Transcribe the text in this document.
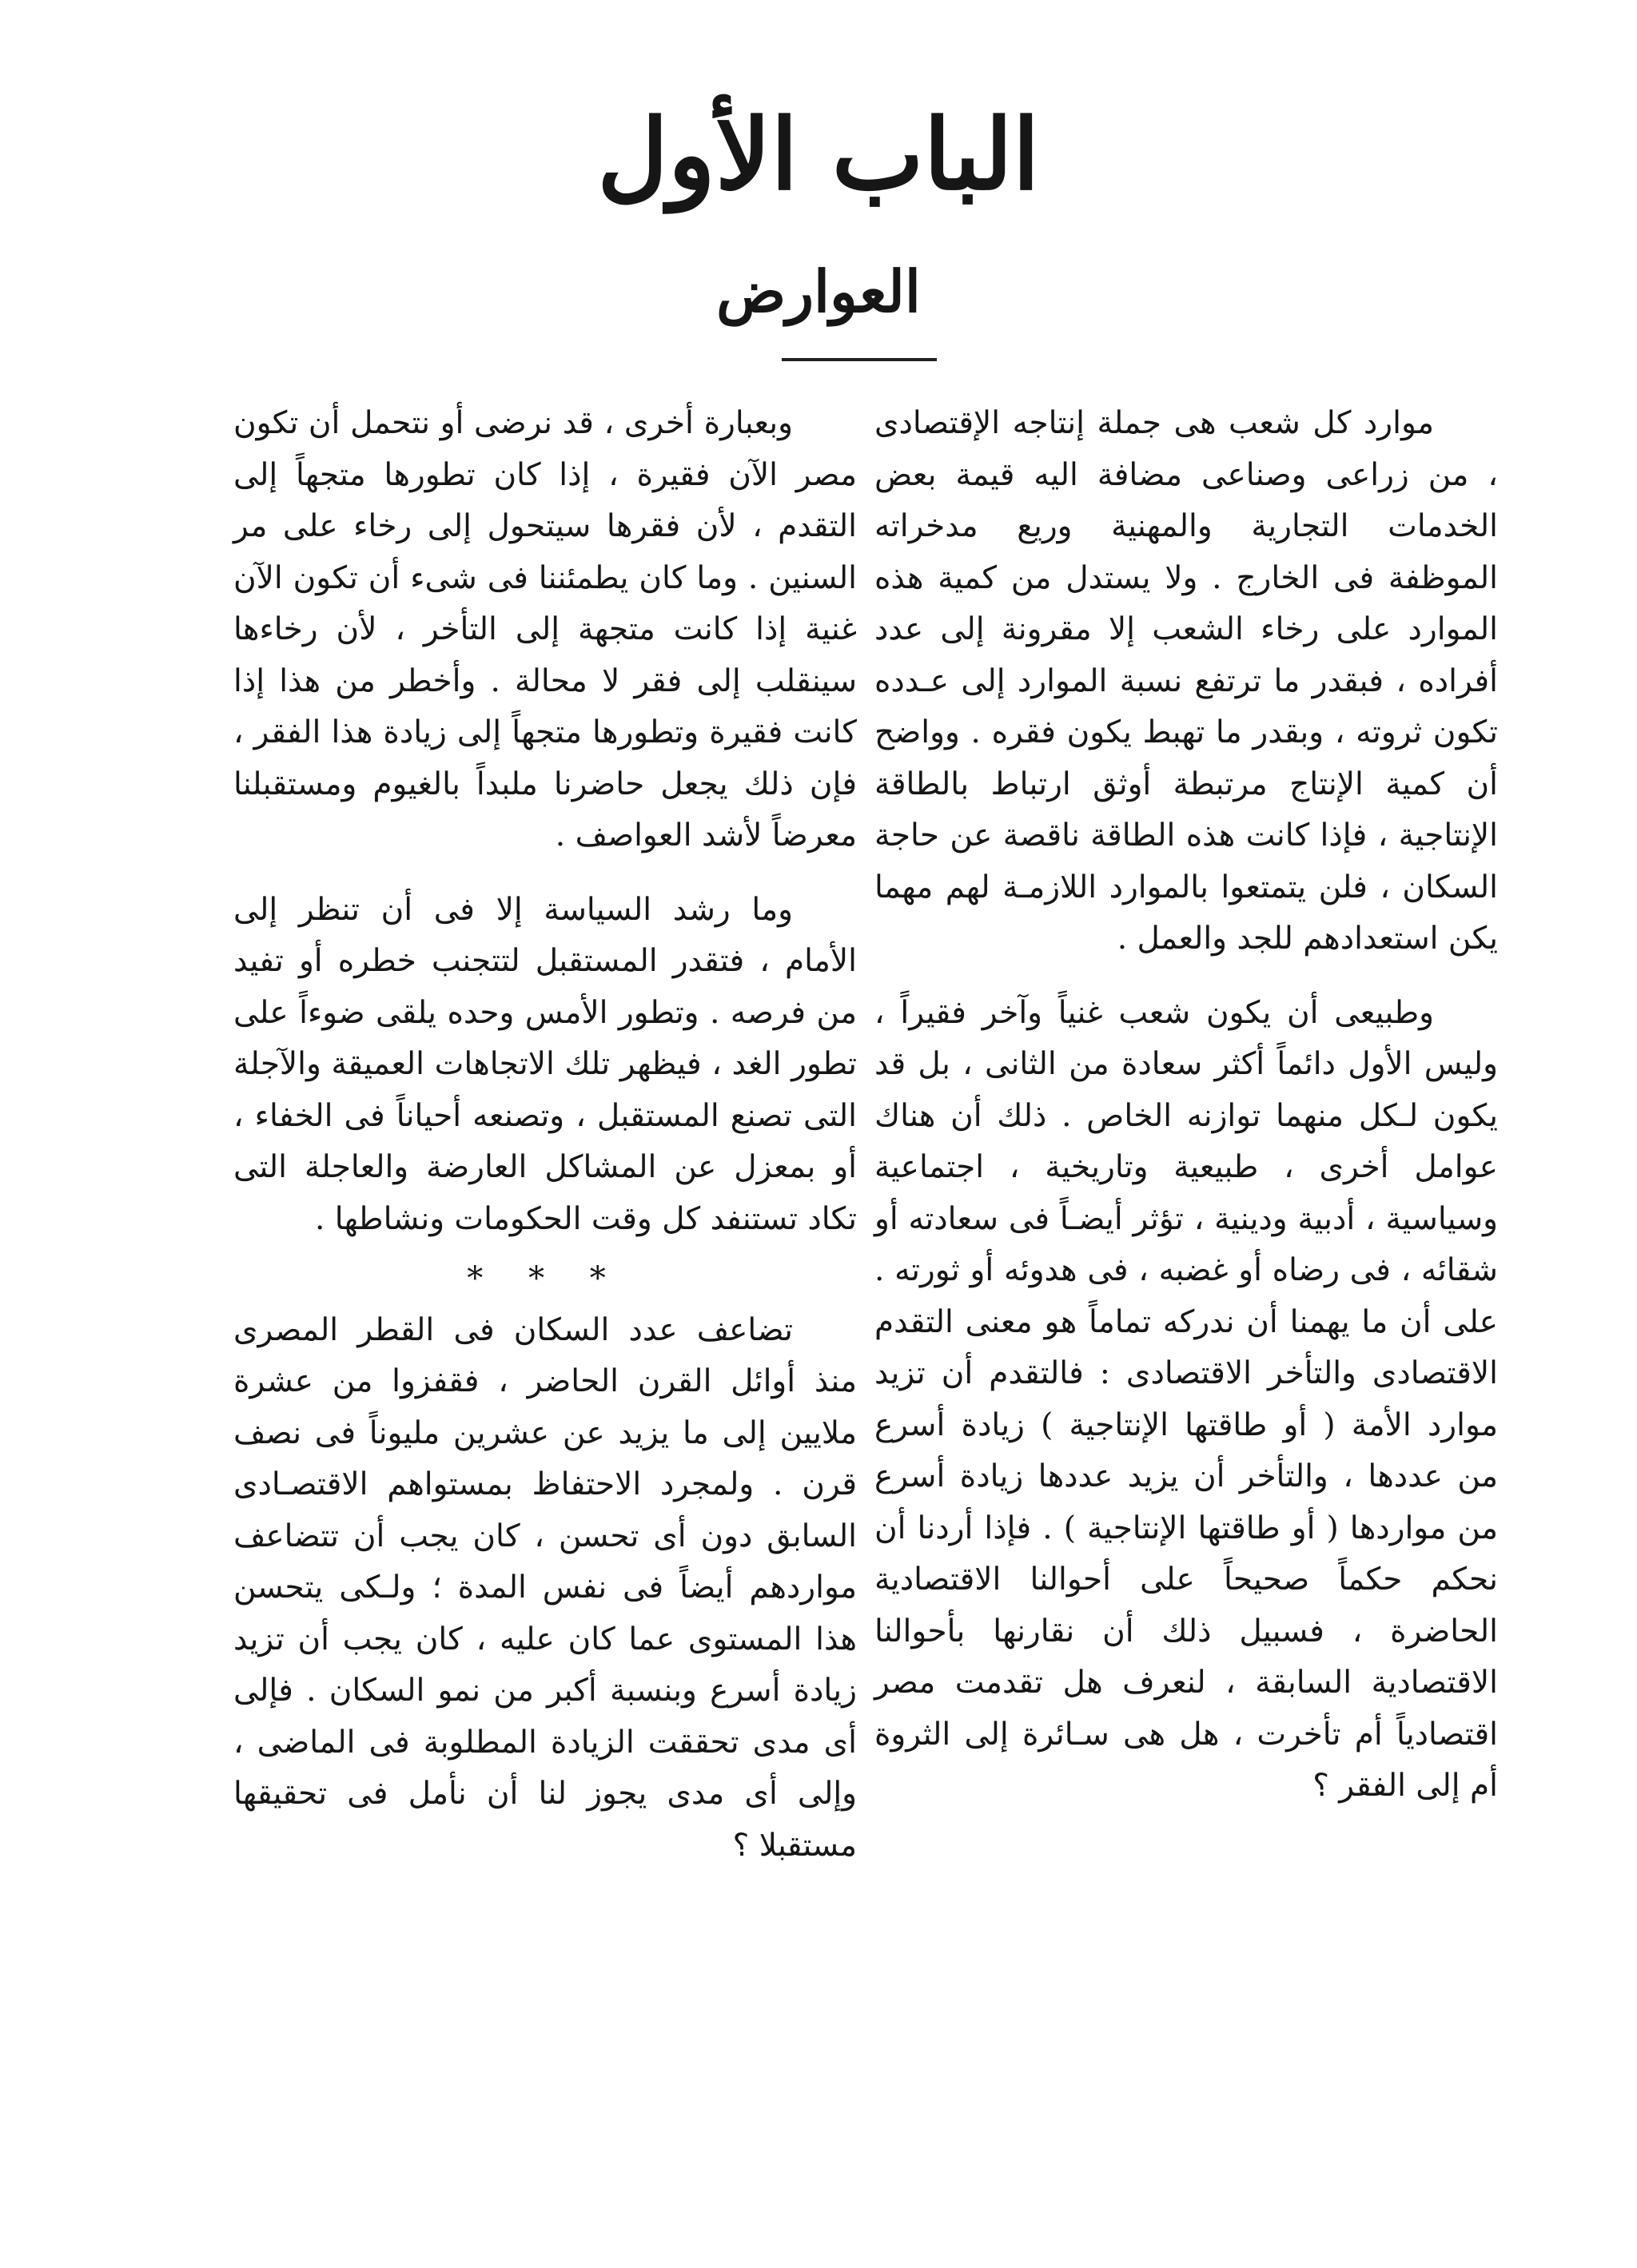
الباب الأول
العوارض

موارد كل شعب هى جملة إنتاجه الإقتصادى ، من زراعى وصناعى مضافة اليه قيمة بعض الخدمات التجارية والمهنية وريع مدخراته الموظفة فى الخارج . ولا يستدل من كمية هذه الموارد على رخاء الشعب إلا مقرونة إلى عدد أفراده ، فبقدر ما ترتفع نسبة الموارد إلى عـدده تكون ثروته ، وبقدر ما تهبط يكون فقره . وواضح أن كمية الإنتاج مرتبطة أوثق ارتباط بالطاقة الإنتاجية ، فإذا كانت هذه الطاقة ناقصة عن حاجة السكان ، فلن يتمتعوا بالموارد اللازمـة لهم مهما يكن استعدادهم للجد والعمل .

وطبيعى أن يكون شعب غنياً وآخر فقيراً ، وليس الأول دائماً أكثر سعادة من الثانى ، بل قد يكون لـكل منهما توازنه الخاص . ذلك أن هناك عوامل أخرى ، طبيعية وتاريخية ، اجتماعية وسياسية ، أدبية ودينية ، تؤثر أيضـاً فى سعادته أو شقائه ، فى رضاه أو غضبه ، فى هدوئه أو ثورته . على أن ما يهمنا أن ندركه تماماً هو معنى التقدم الاقتصادى والتأخر الاقتصادى : فالتقدم أن تزيد موارد الأمة ( أو طاقتها الإنتاجية ) زيادة أسرع من عددها ، والتأخر أن يزيد عددها زيادة أسرع من مواردها ( أو طاقتها الإنتاجية ) . فإذا أردنا أن نحكم حكماً صحيحاً على أحوالنا الاقتصادية الحاضرة ، فسبيل ذلك أن نقارنها بأحوالنا الاقتصادية السابقة ، لنعرف هل تقدمت مصر اقتصادياً أم تأخرت ، هل هى سـائرة إلى الثروة أم إلى الفقر ؟

وبعبارة أخرى ، قد نرضى أو نتحمل أن تكون مصر الآن فقيرة ، إذا كان تطورها متجهاً إلى التقدم ، لأن فقرها سيتحول إلى رخاء على مر السنين . وما كان يطمئننا فى شىء أن تكون الآن غنية إذا كانت متجهة إلى التأخر ، لأن رخاءها سينقلب إلى فقر لا محالة . وأخطر من هذا إذا كانت فقيرة وتطورها متجهاً إلى زيادة هذا الفقر ، فإن ذلك يجعل حاضرنا ملبداً بالغيوم ومستقبلنا معرضاً لأشد العواصف .

وما رشد السياسة إلا فى أن تنظر إلى الأمام ، فتقدر المستقبل لتتجنب خطره أو تفيد من فرصه . وتطور الأمس وحده يلقى ضوءاً على تطور الغد ، فيظهر تلك الاتجاهات العميقة والآجلة التى تصنع المستقبل ، وتصنعه أحياناً فى الخفاء ، أو بمعزل عن المشاكل العارضة والعاجلة التى تكاد تستنفد كل وقت الحكومات ونشاطها .

* * *

تضاعف عدد السكان فى القطر المصرى منذ أوائل القرن الحاضر ، فقفزوا من عشرة ملايين إلى ما يزيد عن عشرين مليوناً فى نصف قرن . ولمجرد الاحتفاظ بمستواهم الاقتصـادى السابق دون أى تحسن ، كان يجب أن تتضاعف مواردهم أيضاً فى نفس المدة ؛ ولـكى يتحسن هذا المستوى عما كان عليه ، كان يجب أن تزيد زيادة أسرع وبنسبة أكبر من نمو السكان . فإلى أى مدى تحققت الزيادة المطلوبة فى الماضى ، وإلى أى مدى يجوز لنا أن نأمل فى تحقيقها مستقبلا ؟
